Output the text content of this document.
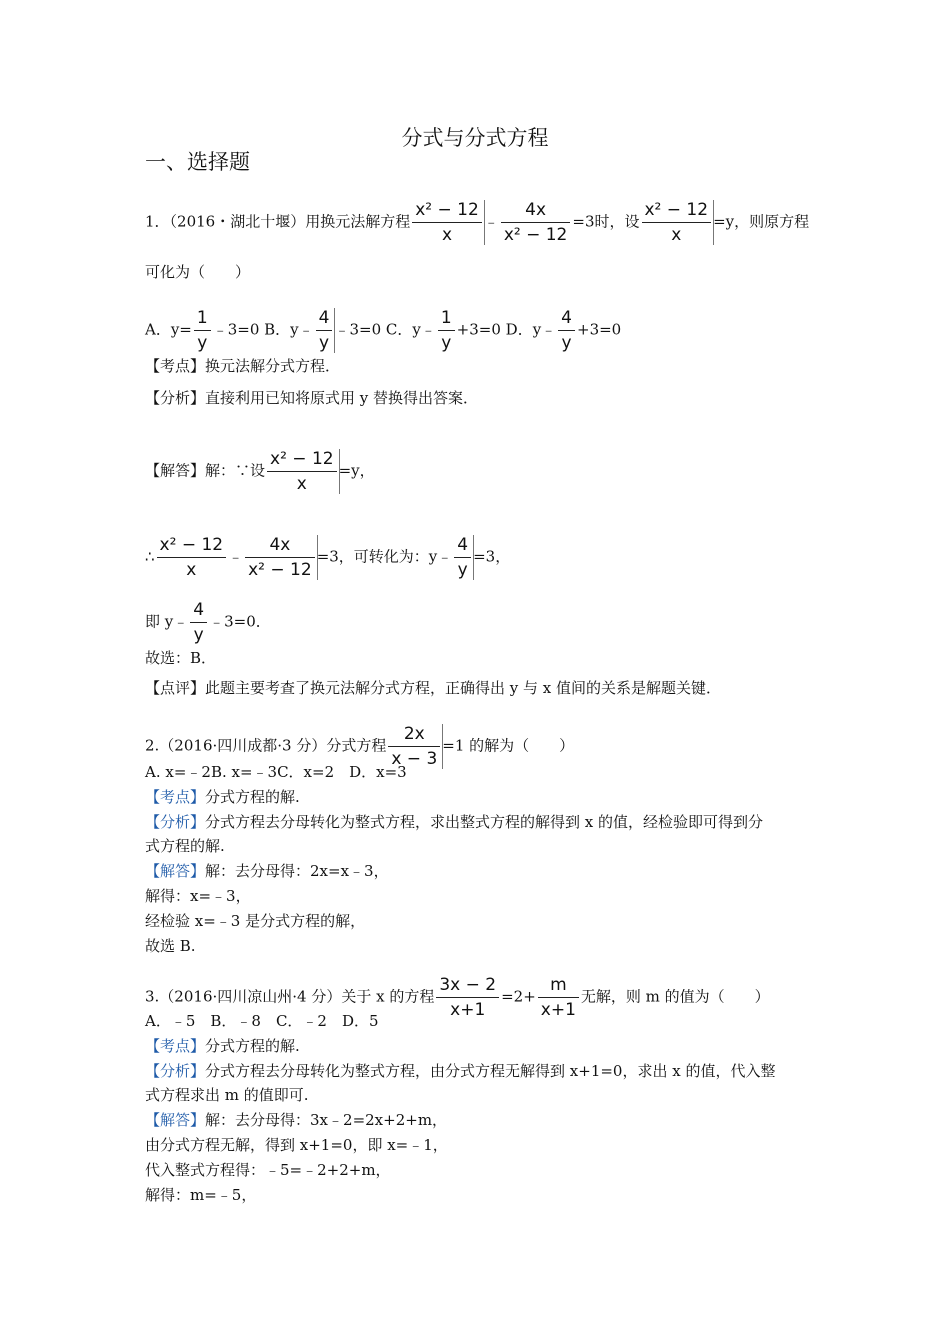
分式与分式方程
一、选择题
1．（2016・湖北十堰）用换元法解方程 $\frac{\text{x² − 12}}{x}$ ﹣ $\frac{4x}{\text{x² − 12}} =3$时，设 $\frac{\text{x² − 12}}{x} =y$，则原方程
可化为（　　）
A．$y= \frac{1}{y}$ ﹣3=0 B．y﹣ $\frac{4}{y}$ ﹣3=0 C．y﹣ $\frac{1}{y} +3=0$ D．y﹣ $\frac{4}{y} +3=0$
【考点】换元法解分式方程．
【分析】直接利用已知将原式用 y 替换得出答案．
【解答】解：∵设 $\frac{\text{x² − 12}}{x} =y$，
∴ $\frac{\text{x² − 12}}{x}$ ﹣ $\frac{4x}{\text{x² − 12}} =3$，可转化为：y﹣ $\frac{4}{y} =3$，
即 y﹣ $\frac{4}{y}$ ﹣3=0．
故选：B．
【点评】此题主要考查了换元法解分式方程，正确得出 y 与 x 值间的关系是解题关键．
2.（2016·四川成都·3 分）分式方程 $\frac{2x}{x - 3} =1$ 的解为（　　）
A. x=﹣2B. x=﹣3C．x=2　D．x=3
【考点】分式方程的解.
【分析】分式方程去分母转化为整式方程，求出整式方程的解得到 x 的值，经检验即可得到分
式方程的解.
【解答】解：去分母得：2x=x﹣3，
解得：x=﹣3，
经检验 x=﹣3 是分式方程的解，
故选 B.
3.（2016·四川凉山州·4 分）关于 x 的方程 $\frac{3x - 2}{x+1} =2+ \frac{m}{x+1}$ 无解，则 m 的值为（　　）
A．﹣5　B．﹣8　C．﹣2　D．5
【考点】分式方程的解.
【分析】分式方程去分母转化为整式方程，由分式方程无解得到 x+1=0，求出 x 的值，代入整
式方程求出 m 的值即可.
【解答】解：去分母得：3x﹣2=2x+2+m，
由分式方程无解，得到 x+1=0，即 x=﹣1，
代入整式方程得：﹣5=﹣2+2+m，
解得：m=﹣5，
